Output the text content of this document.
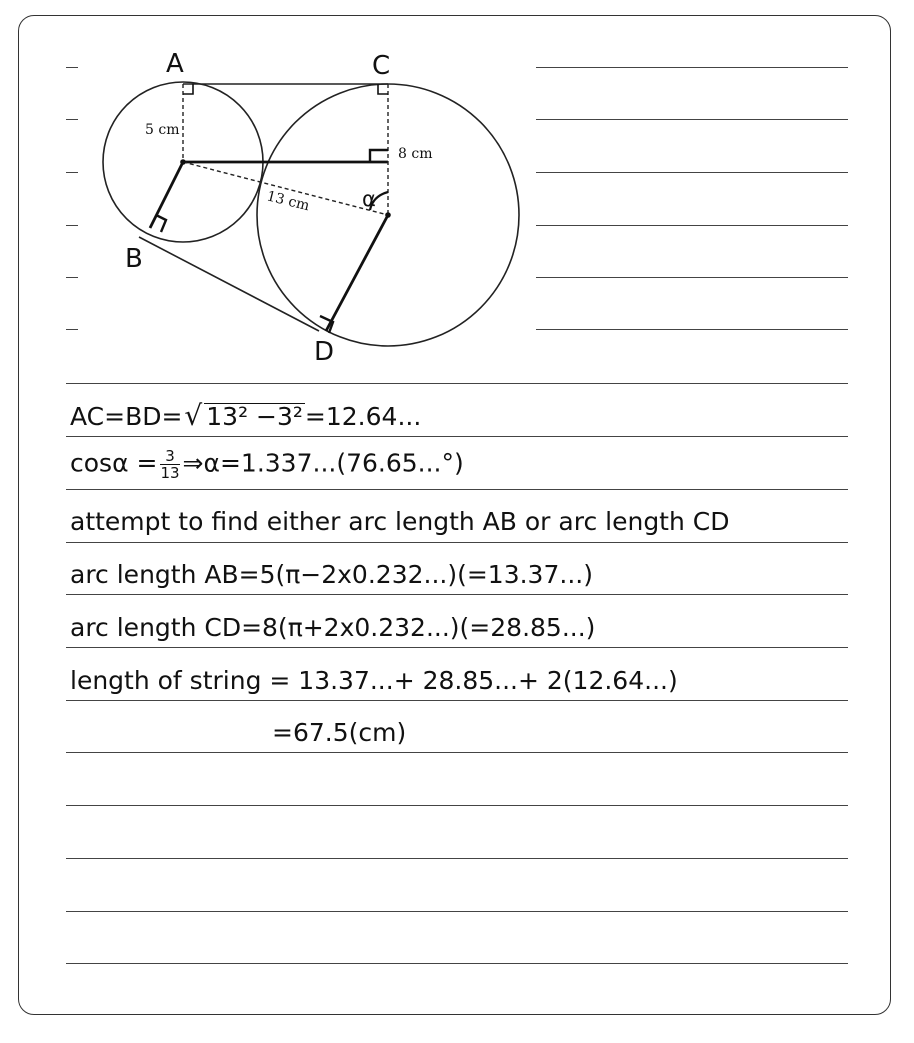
A	C
B
D
α
5 cm
8 cm
13 cm
AC=BD=√ 13² −3²=12.64...
$\cos\alpha = \frac{3}{13}$ ⇒α=1.337...(76.65...°)
attempt to find either arc length AB or arc length CD
arc length AB=5(π−2x0.232...)(=13.37...)
arc length CD=8(π+2x0.232...)(=28.85...)
length of string = 13.37...+ 28.85...+ 2(12.64...)
=67.5(cm)
